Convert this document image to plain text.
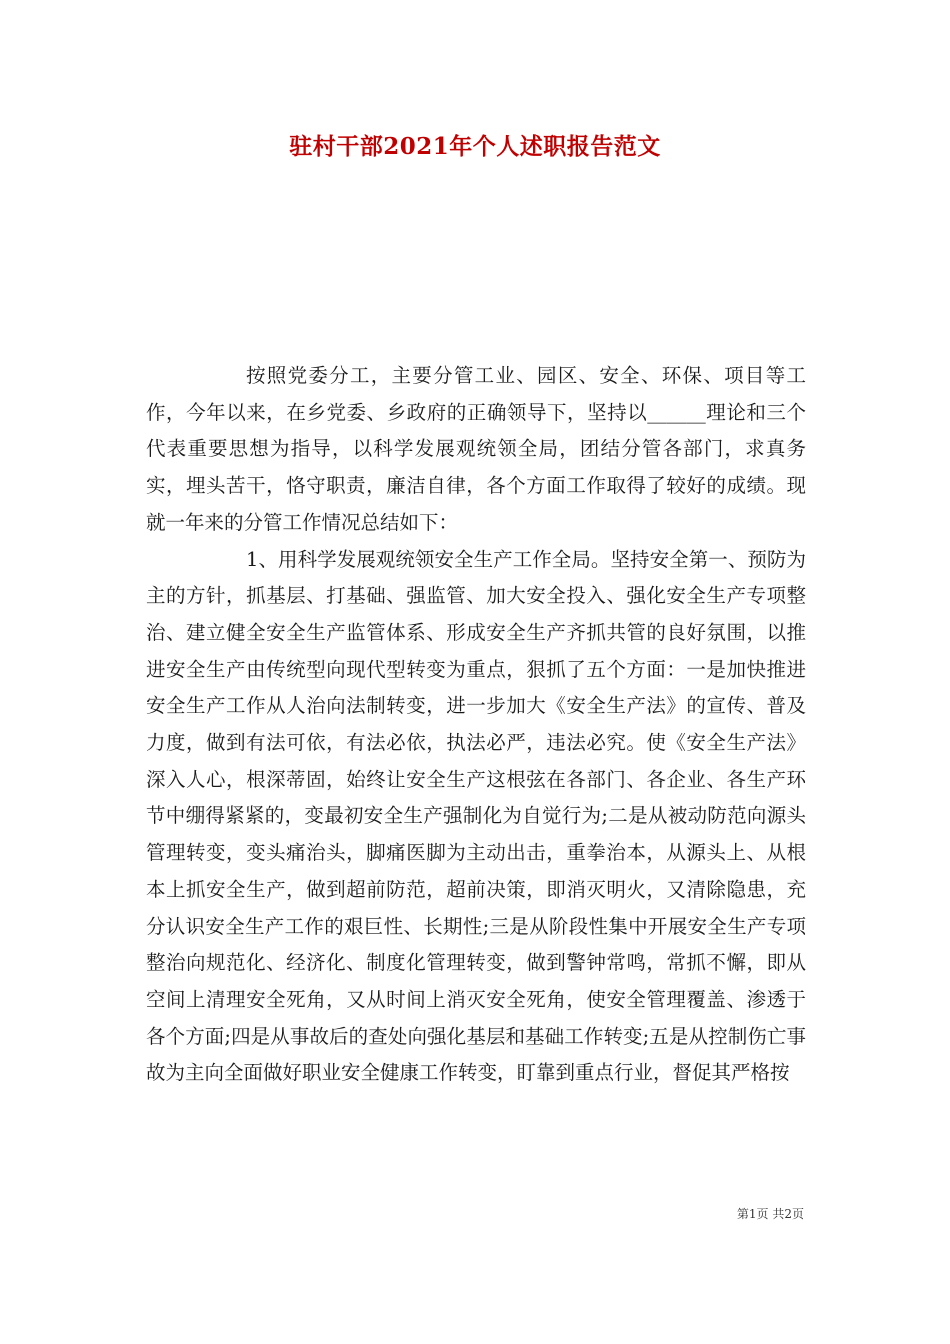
驻村干部2021年个人述职报告范文

按照党委分工，主要分管工业、园区、安全、环保、项目等工作，今年以来，在乡党委、乡政府的正确领导下，坚持以______理论和三个代表重要思想为指导，以科学发展观统领全局，团结分管各部门，求真务实，埋头苦干，恪守职责，廉洁自律，各个方面工作取得了较好的成绩。现就一年来的分管工作情况总结如下：

1、用科学发展观统领安全生产工作全局。坚持安全第一、预防为主的方针，抓基层、打基础、强监管、加大安全投入、强化安全生产专项整治、建立健全安全生产监管体系、形成安全生产齐抓共管的良好氛围，以推进安全生产由传统型向现代型转变为重点，狠抓了五个方面：一是加快推进安全生产工作从人治向法制转变，进一步加大《安全生产法》的宣传、普及力度，做到有法可依，有法必依，执法必严，违法必究。使《安全生产法》深入人心，根深蒂固，始终让安全生产这根弦在各部门、各企业、各生产环节中绷得紧紧的，变最初安全生产强制化为自觉行为;二是从被动防范向源头管理转变，变头痛治头，脚痛医脚为主动出击，重拳治本，从源头上、从根本上抓安全生产，做到超前防范，超前决策，即消灭明火，又清除隐患，充分认识安全生产工作的艰巨性、长期性;三是从阶段性集中开展安全生产专项整治向规范化、经济化、制度化管理转变，做到警钟常鸣，常抓不懈，即从空间上清理安全死角，又从时间上消灭安全死角，使安全管理覆盖、渗透于各个方面;四是从事故后的查处向强化基层和基础工作转变;五是从控制伤亡事故为主向全面做好职业安全健康工作转变，盯靠到重点行业，督促其严格按

第1页 共2页
